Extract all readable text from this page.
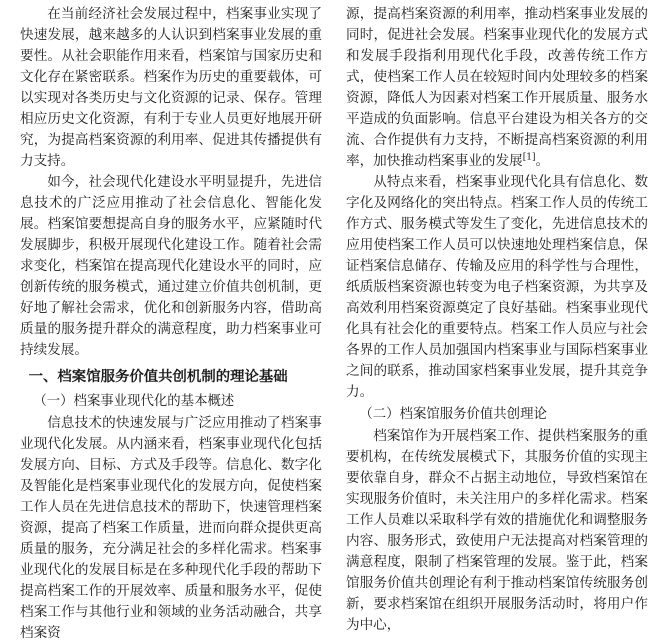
在当前经济社会发展过程中，档案事业实现了快速发展，越来越多的人认识到档案事业发展的重要性。从社会职能作用来看，档案馆与国家历史和文化存在紧密联系。档案作为历史的重要载体，可以实现对各类历史与文化资源的记录、保存。管理相应历史文化资源，有利于专业人员更好地展开研究，为提高档案资源的利用率、促进其传播提供有力支持。

如今，社会现代化建设水平明显提升，先进信息技术的广泛应用推动了社会信息化、智能化发展。档案馆要想提高自身的服务水平，应紧随时代发展脚步，积极开展现代化建设工作。随着社会需求变化，档案馆在提高现代化建设水平的同时，应创新传统的服务模式，通过建立价值共创机制，更好地了解社会需求，优化和创新服务内容，借助高质量的服务提升群众的满意程度，助力档案事业可持续发展。

一、档案馆服务价值共创机制的理论基础
（一）档案事业现代化的基本概述

信息技术的快速发展与广泛应用推动了档案事业现代化发展。从内涵来看，档案事业现代化包括发展方向、目标、方式及手段等。信息化、数字化及智能化是档案事业现代化的发展方向，促使档案工作人员在先进信息技术的帮助下，快速管理档案资源，提高了档案工作质量，进而向群众提供更高质量的服务，充分满足社会的多样化需求。档案事业现代化的发展目标是在多种现代化手段的帮助下提高档案工作的开展效率、质量和服务水平，促使档案工作与其他行业和领域的业务活动融合，共享档案资

源，提高档案资源的利用率，推动档案事业发展的同时，促进社会发展。档案事业现代化的发展方式和发展手段指利用现代化手段，改善传统工作方式，使档案工作人员在较短时间内处理较多的档案资源，降低人为因素对档案工作开展质量、服务水平造成的负面影响。信息平台建设为相关各方的交流、合作提供有力支持，不断提高档案资源的利用率，加快推动档案事业的发展[1]。

从特点来看，档案事业现代化具有信息化、数字化及网络化的突出特点。档案工作人员的传统工作方式、服务模式等发生了变化，先进信息技术的应用使档案工作人员可以快速地处理档案信息，保证档案信息储存、传输及应用的科学性与合理性，纸质版档案资源也转变为电子档案资源，为共享及高效利用档案资源奠定了良好基础。档案事业现代化具有社会化的重要特点。档案工作人员应与社会各界的工作人员加强国内档案事业与国际档案事业之间的联系，推动国家档案事业发展，提升其竞争力。

（二）档案馆服务价值共创理论

档案馆作为开展档案工作、提供档案服务的重要机构，在传统发展模式下，其服务价值的实现主要依靠自身，群众不占据主动地位，导致档案馆在实现服务价值时，未关注用户的多样化需求。档案工作人员难以采取科学有效的措施优化和调整服务内容、服务形式，致使用户无法提高对档案管理的满意程度，限制了档案管理的发展。鉴于此，档案馆服务价值共创理论有利于推动档案馆传统服务创新，要求档案馆在组织开展服务活动时，将用户作为中心，
